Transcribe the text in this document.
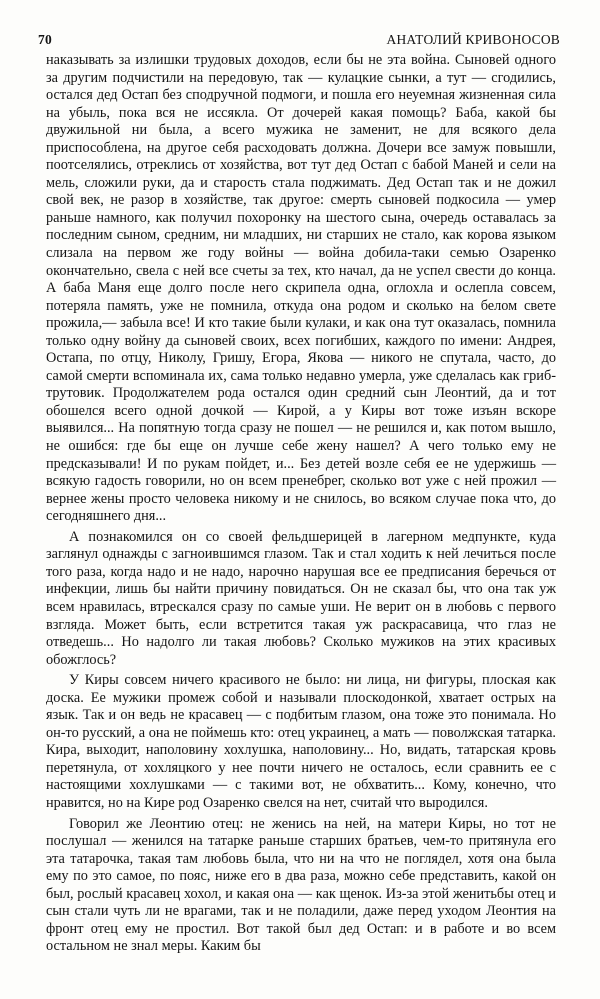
70	АНАТОЛИЙ КРИВОНОСОВ

наказывать за излишки трудовых доходов, если бы не эта война. Сыновей одного за другим подчистили на передовую, так — кулацкие сынки, а тут — сгодились, остался дед Остап без сподручной подмоги, и пошла его неуемная жизненная сила на убыль, пока вся не иссякла. От дочерей какая помощь? Баба, какой бы двужильной ни была, а всего мужика не заменит, не для всякого дела приспособлена, на другое себя расходовать должна. Дочери все замуж повышли, поотселялись, отреклись от хозяйства, вот тут дед Остап с бабой Маней и сели на мель, сложили руки, да и старость стала поджимать. Дед Остап так и не дожил свой век, не разор в хозяйстве, так другое: смерть сыновей подкосила — умер раньше намного, как получил похоронку на шестого сына, очередь оставалась за последним сыном, средним, ни младших, ни старших не стало, как корова языком слизала на первом же году войны — война добила-таки семью Озаренко окончательно, свела с ней все счеты за тех, кто начал, да не успел свести до конца. А баба Маня еще долго после него скрипела одна, оглохла и ослепла совсем, потеряла память, уже не помнила, откуда она родом и сколько на белом свете прожила,— забыла все! И кто такие были кулаки, и как она тут оказалась, помнила только одну войну да сыновей своих, всех погибших, каждого по имени: Андрея, Остапа, по отцу, Николу, Гришу, Егора, Якова — никого не спутала, часто, до самой смерти вспоминала их, сама только недавно умерла, уже сделалась как гриб-трутовик. Продолжателем рода остался один средний сын Леонтий, да и тот обошелся всего одной дочкой — Кирой, а у Киры вот тоже изъян вскоре выявился... На попятную тогда сразу не пошел — не решился и, как потом вышло, не ошибся: где бы еще он лучше себе жену нашел? А чего только ему не предсказывали! И по рукам пойдет, и... Без детей возле себя ее не удержишь — всякую гадость говорили, но он всем пренебрег, сколько вот уже с ней прожил — вернее жены просто человека никому и не снилось, во всяком случае пока что, до сегодняшнего дня...

А познакомился он со своей фельдшерицей в лагерном медпункте, куда заглянул однажды с загноившимся глазом. Так и стал ходить к ней лечиться после того раза, когда надо и не надо, нарочно нарушая все ее предписания беречься от инфекции, лишь бы найти причину повидаться. Он не сказал бы, что она так уж всем нравилась, втрескался сразу по самые уши. Не верит он в любовь с первого взгляда. Может быть, если встретится такая уж раскрасавица, что глаз не отведешь... Но надолго ли такая любовь? Сколько мужиков на этих красивых обожглось?

У Киры совсем ничего красивого не было: ни лица, ни фигуры, плоская как доска. Ее мужики промеж собой и называли плоскодонкой, хватает острых на язык. Так и он ведь не красавец — с подбитым глазом, она тоже это понимала. Но он-то русский, а она не поймешь кто: отец украинец, а мать — поволжская татарка. Кира, выходит, наполовину хохлушка, наполовину... Но, видать, татарская кровь перетянула, от хохляцкого у нее почти ничего не осталось, если сравнить ее с настоящими хохлушками — с такими вот, не обхватить... Кому, конечно, что нравится, но на Кире род Озаренко свелся на нет, считай что выродился.

Говорил же Леонтию отец: не женись на ней, на матери Киры, но тот не послушал — женился на татарке раньше старших братьев, чем-то притянула его эта татарочка, такая там любовь была, что ни на что не поглядел, хотя она была ему по это самое, по пояс, ниже его в два раза, можно себе представить, какой он был, рослый красавец хохол, и какая она — как щенок. Из-за этой женитьбы отец и сын стали чуть ли не врагами, так и не поладили, даже перед уходом Леонтия на фронт отец ему не простил. Вот такой был дед Остап: и в работе и во всем остальном не знал меры. Каким бы
